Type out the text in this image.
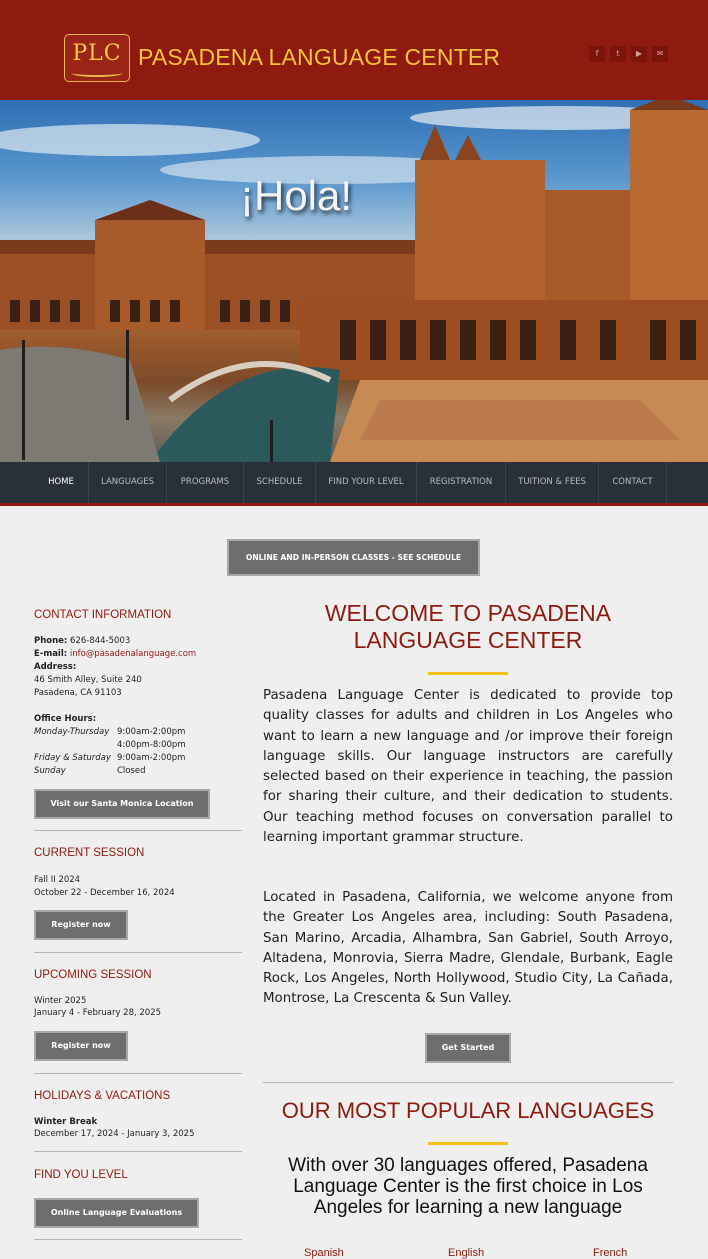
PLC PASADENA LANGUAGE CENTER	f	t	▶	✉
¡Hola!
HOME	LANGUAGES	PROGRAMS	SCHEDULE	FIND YOUR LEVEL	REGISTRATION	TUITION & FEES	CONTACT
ONLINE AND IN-PERSON CLASSES - SEE SCHEDULE
CONTACT INFORMATION
Phone: 626-844-5003
E-mail: info@pasadenalanguage.com
Address:
46 Smith Alley, Suite 240
Pasadena, CA 91103
Office Hours:
Monday-Thursday 9:00am-2:00pm
4:00pm-8:00pm
Friday & Saturday 9:00am-2:00pm
Sunday	Closed
Visit our Santa Monica Location
CURRENT SESSION
Fall II 2024
October 22 - December 16, 2024
Register now
UPCOMING SESSION
Winter 2025
January 4 - February 28, 2025
Register now
HOLIDAYS & VACATIONS
Winter Break
December 17, 2024 - January 3, 2025
FIND YOU LEVEL
Online Language Evaluations
WELCOME TO PASADENA
LANGUAGE CENTER
Pasadena Language Center is dedicated to provide top quality classes for adults and children in Los Angeles who want to learn a new language and /or improve their foreign language skills. Our language instructors are carefully selected based on their experience in teaching, the passion for sharing their culture, and their dedication to students. Our teaching method focuses on conversation parallel to learning important grammar structure.
Located in Pasadena, California, we welcome anyone from the Greater Los Angeles area, including: South Pasadena, San Marino, Arcadia, Alhambra, San Gabriel, South Arroyo, Altadena, Monrovia, Sierra Madre, Glendale, Burbank, Eagle Rock, Los Angeles, North Hollywood, Studio City, La Cañada, Montrose, La Crescenta & Sun Valley.
Get Started
OUR MOST POPULAR LANGUAGES
With over 30 languages offered, Pasadena Language Center is the first choice in Los Angeles for learning a new language
Spanish	English	French
